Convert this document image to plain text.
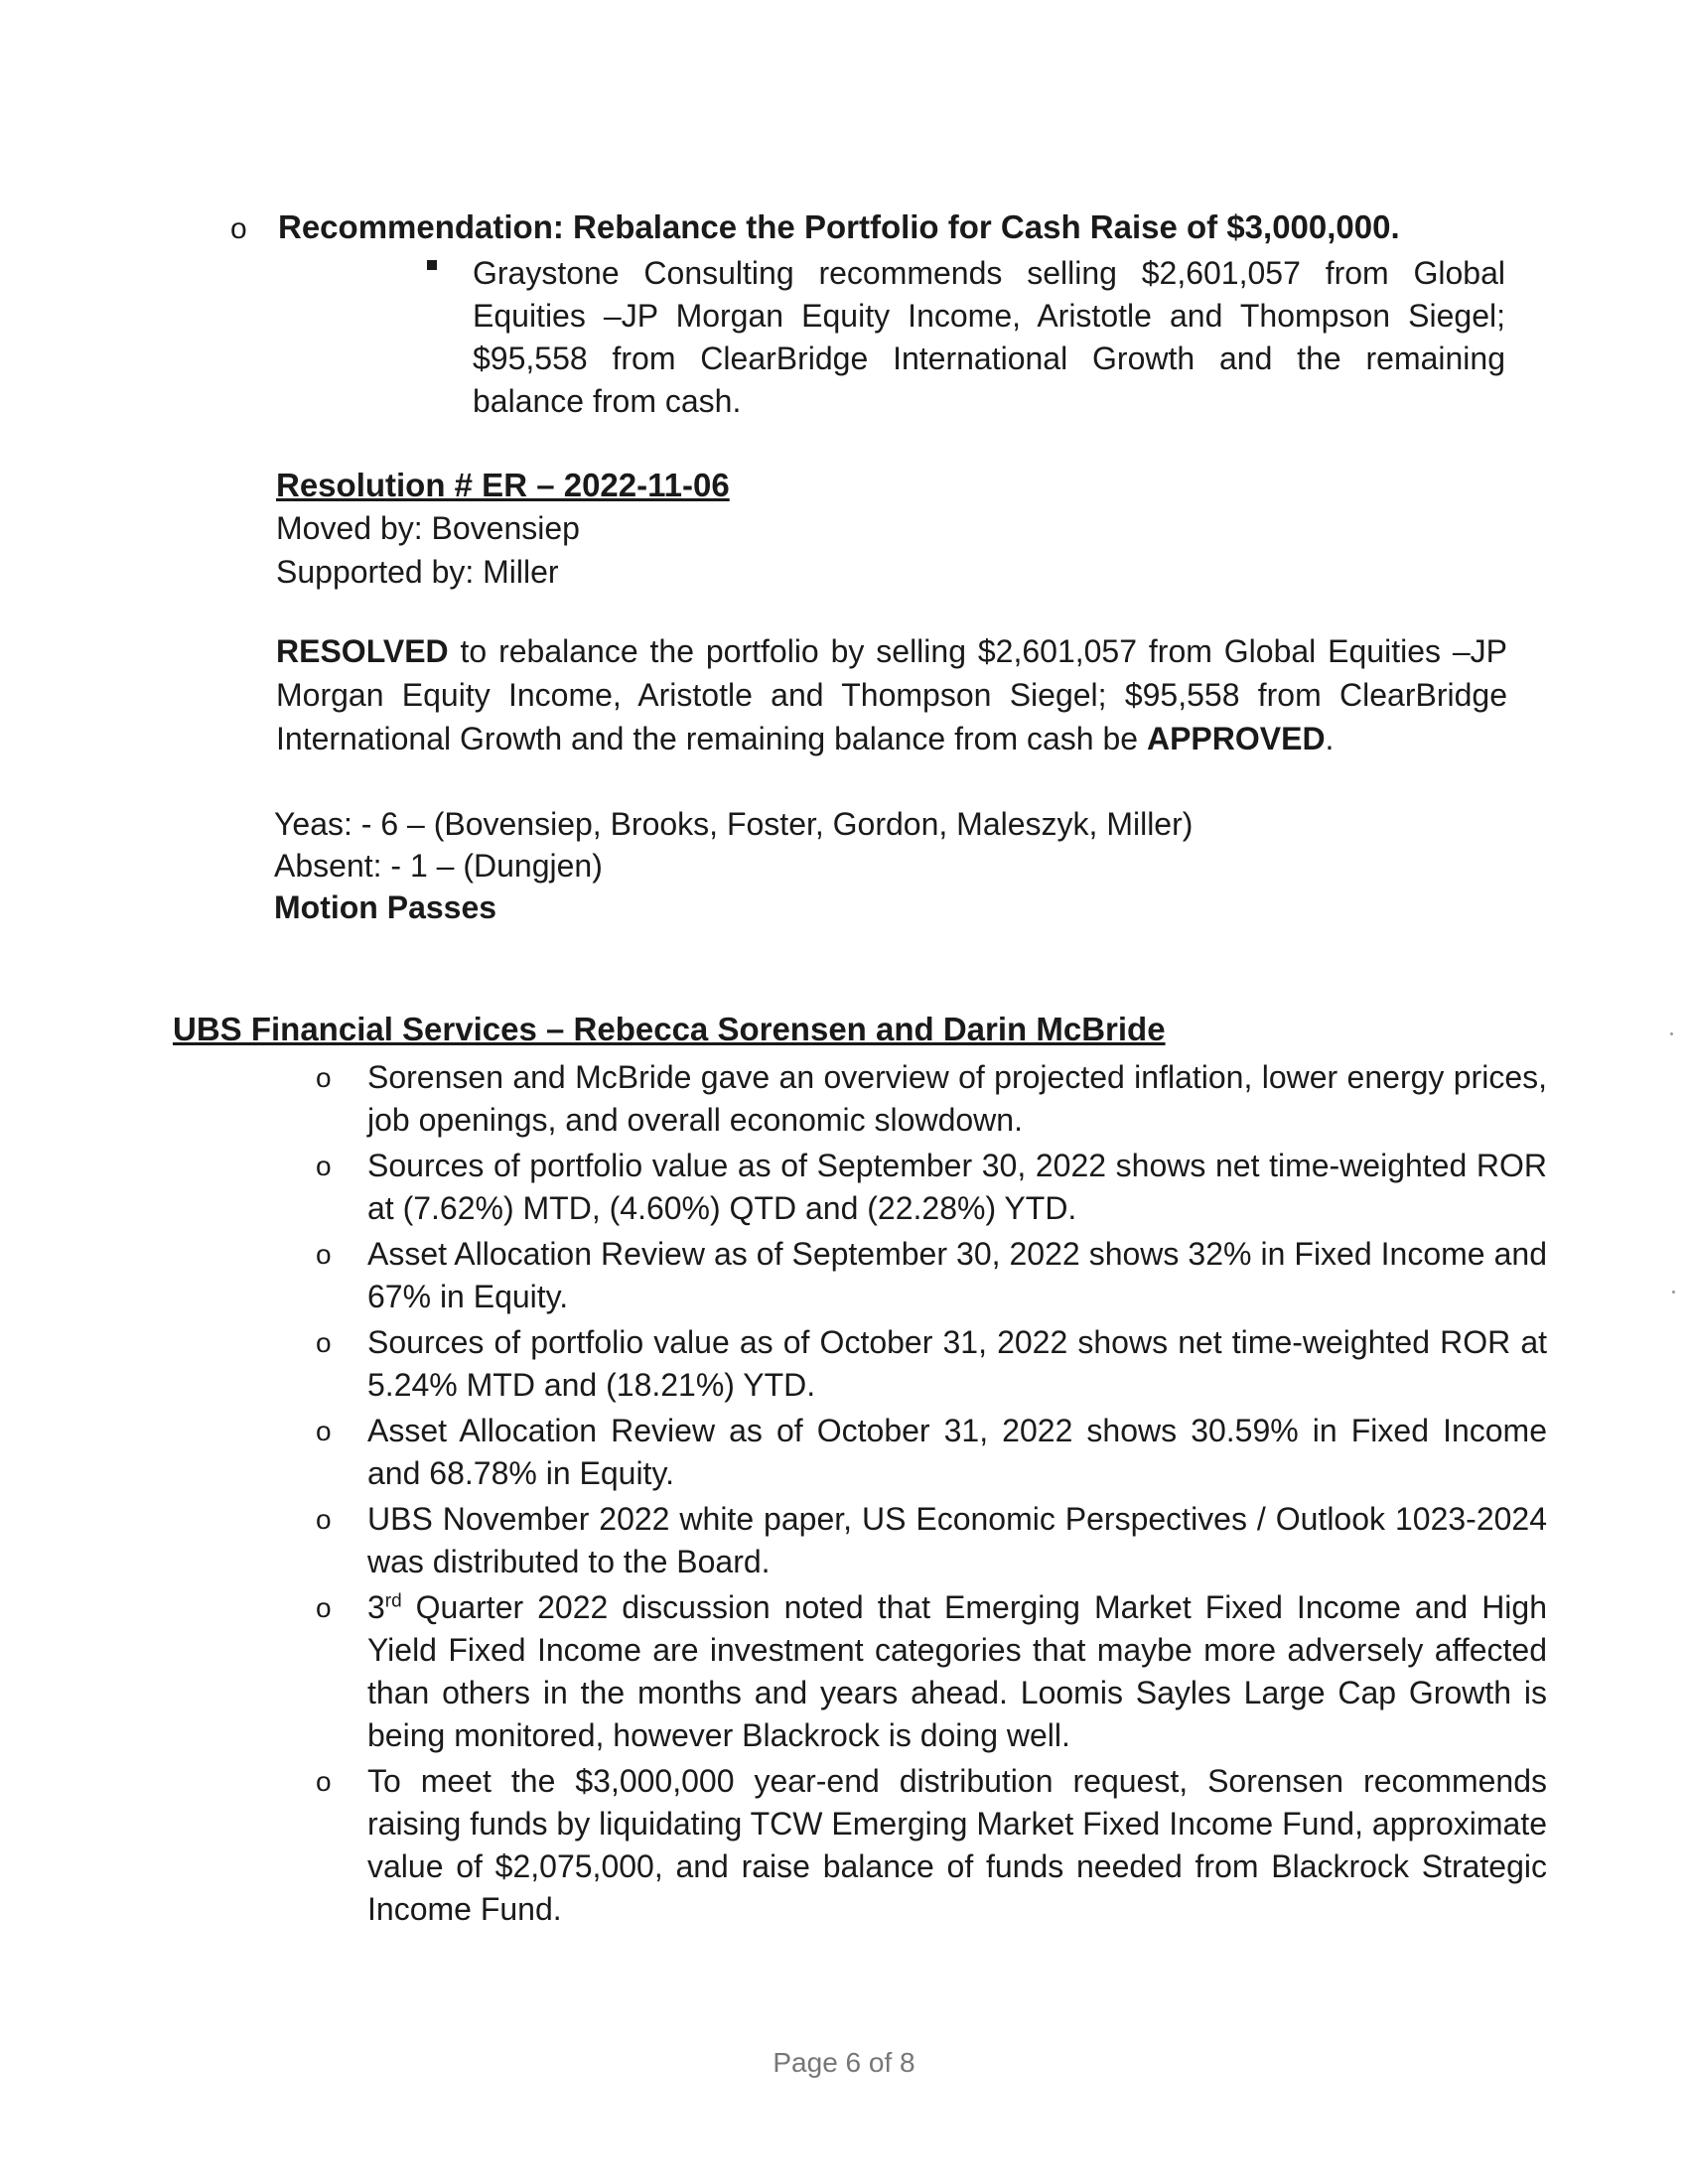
o Recommendation: Rebalance the Portfolio for Cash Raise of $3,000,000.
Graystone Consulting recommends selling $2,601,057 from Global Equities –JP Morgan Equity Income, Aristotle and Thompson Siegel; $95,558 from ClearBridge International Growth and the remaining balance from cash.
Resolution # ER – 2022-11-06
Moved by: Bovensiep
Supported by: Miller
RESOLVED to rebalance the portfolio by selling $2,601,057 from Global Equities –JP Morgan Equity Income, Aristotle and Thompson Siegel; $95,558 from ClearBridge International Growth and the remaining balance from cash be APPROVED.
Yeas: - 6 – (Bovensiep, Brooks, Foster, Gordon, Maleszyk, Miller)
Absent: - 1 – (Dungjen)
Motion Passes
UBS Financial Services – Rebecca Sorensen and Darin McBride
o Sorensen and McBride gave an overview of projected inflation, lower energy prices, job openings, and overall economic slowdown.
o Sources of portfolio value as of September 30, 2022 shows net time-weighted ROR at (7.62%) MTD, (4.60%) QTD and (22.28%) YTD.
o Asset Allocation Review as of September 30, 2022 shows 32% in Fixed Income and 67% in Equity.
o Sources of portfolio value as of October 31, 2022 shows net time-weighted ROR at 5.24% MTD and (18.21%) YTD.
o Asset Allocation Review as of October 31, 2022 shows 30.59% in Fixed Income and 68.78% in Equity.
o UBS November 2022 white paper, US Economic Perspectives / Outlook 1023-2024 was distributed to the Board.
o 3rd Quarter 2022 discussion noted that Emerging Market Fixed Income and High Yield Fixed Income are investment categories that maybe more adversely affected than others in the months and years ahead. Loomis Sayles Large Cap Growth is being monitored, however Blackrock is doing well.
o To meet the $3,000,000 year-end distribution request, Sorensen recommends raising funds by liquidating TCW Emerging Market Fixed Income Fund, approximate value of $2,075,000, and raise balance of funds needed from Blackrock Strategic Income Fund.
Page 6 of 8
